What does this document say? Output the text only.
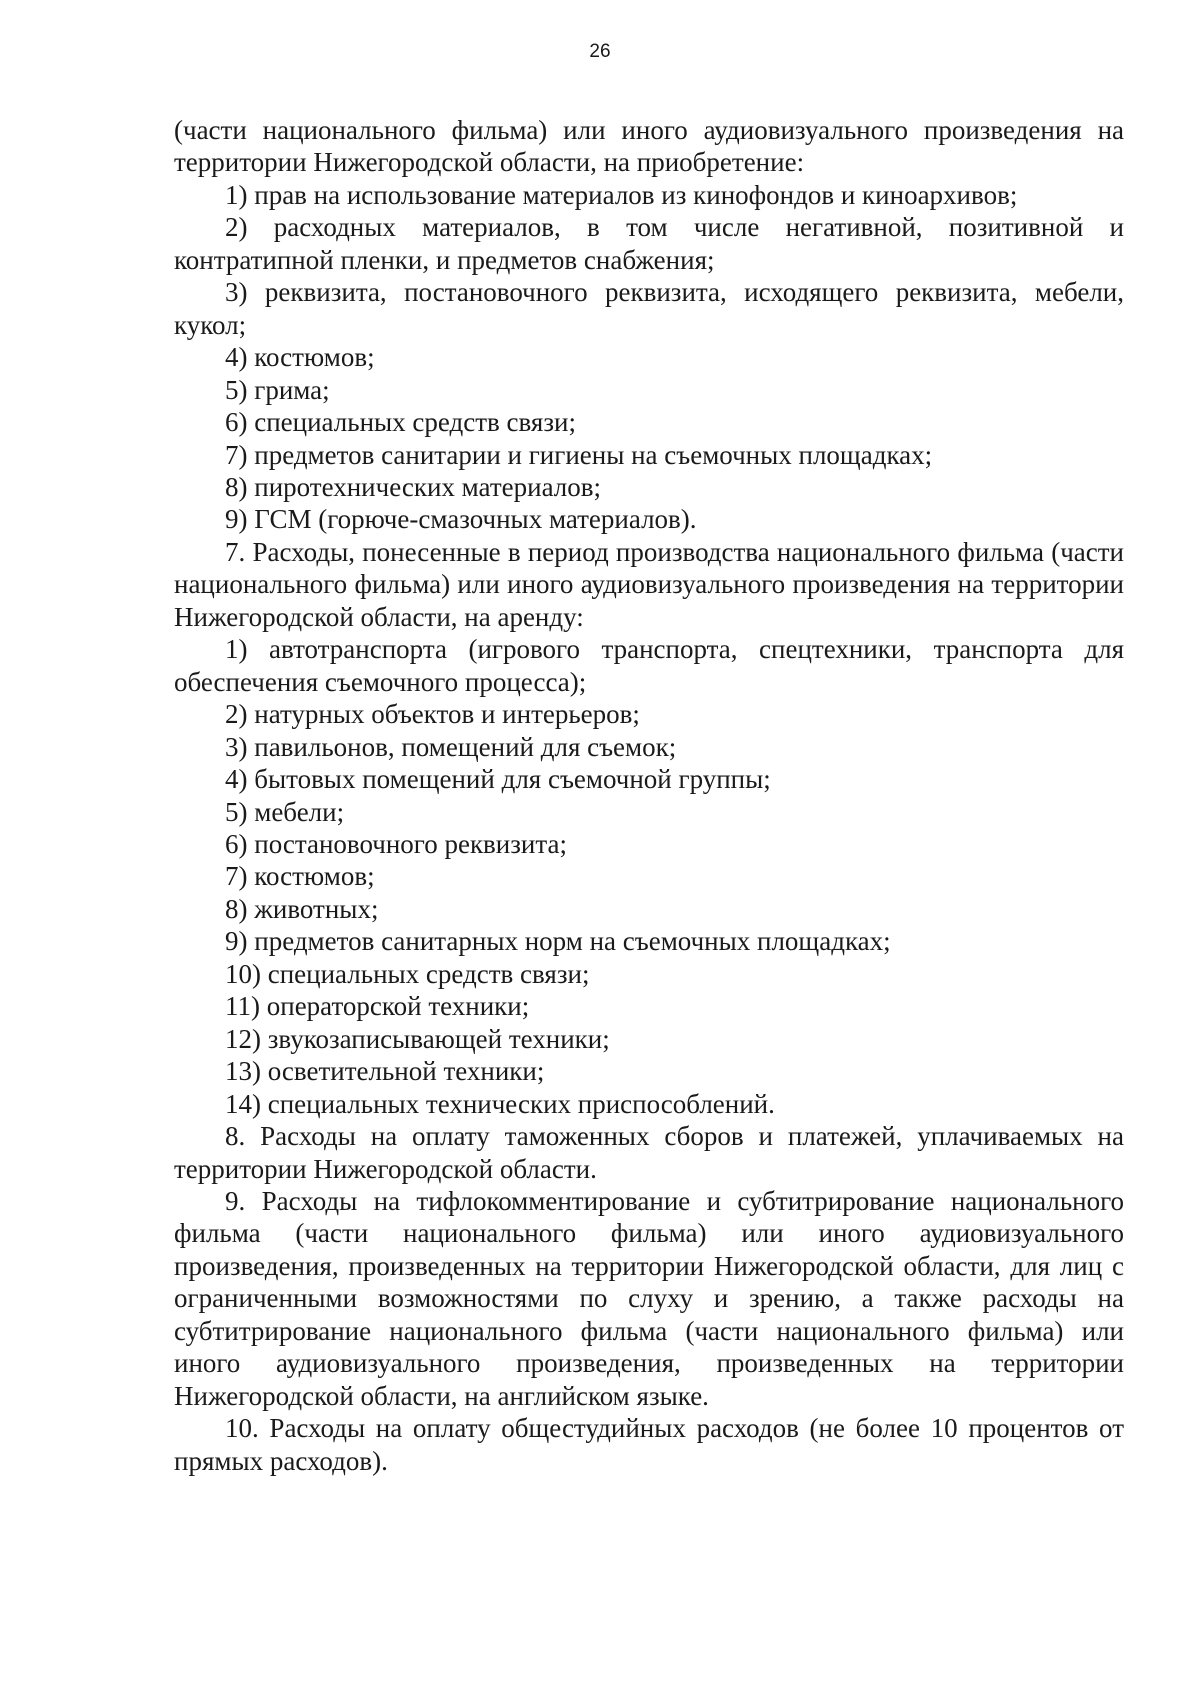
26

(части национального фильма) или иного аудиовизуального произведения на территории Нижегородской области, на приобретение:

1) прав на использование материалов из кинофондов и киноархивов;

2) расходных материалов, в том числе негативной, позитивной и контратипной пленки, и предметов снабжения;

3) реквизита, постановочного реквизита, исходящего реквизита, мебели, кукол;

4) костюмов;

5) грима;

6) специальных средств связи;

7) предметов санитарии и гигиены на съемочных площадках;

8) пиротехнических материалов;

9) ГСМ (горюче-смазочных материалов).

7. Расходы, понесенные в период производства национального фильма (части национального фильма) или иного аудиовизуального произведения на территории Нижегородской области, на аренду:

1) автотранспорта (игрового транспорта, спецтехники, транспорта для обеспечения съемочного процесса);

2) натурных объектов и интерьеров;

3) павильонов, помещений для съемок;

4) бытовых помещений для съемочной группы;

5) мебели;

6) постановочного реквизита;

7) костюмов;

8) животных;

9) предметов санитарных норм на съемочных площадках;

10) специальных средств связи;

11) операторской техники;

12) звукозаписывающей техники;

13) осветительной техники;

14) специальных технических приспособлений.

8. Расходы на оплату таможенных сборов и платежей, уплачиваемых на территории Нижегородской области.

9. Расходы на тифлокомментирование и субтитрирование национального фильма (части национального фильма) или иного аудиовизуального произведения, произведенных на территории Нижегородской области, для лиц с ограниченными возможностями по слуху и зрению, а также расходы на субтитрирование национального фильма (части национального фильма) или иного аудиовизуального произведения, произведенных на территории Нижегородской области, на английском языке.

10. Расходы на оплату общестудийных расходов (не более 10 процентов от прямых расходов).
